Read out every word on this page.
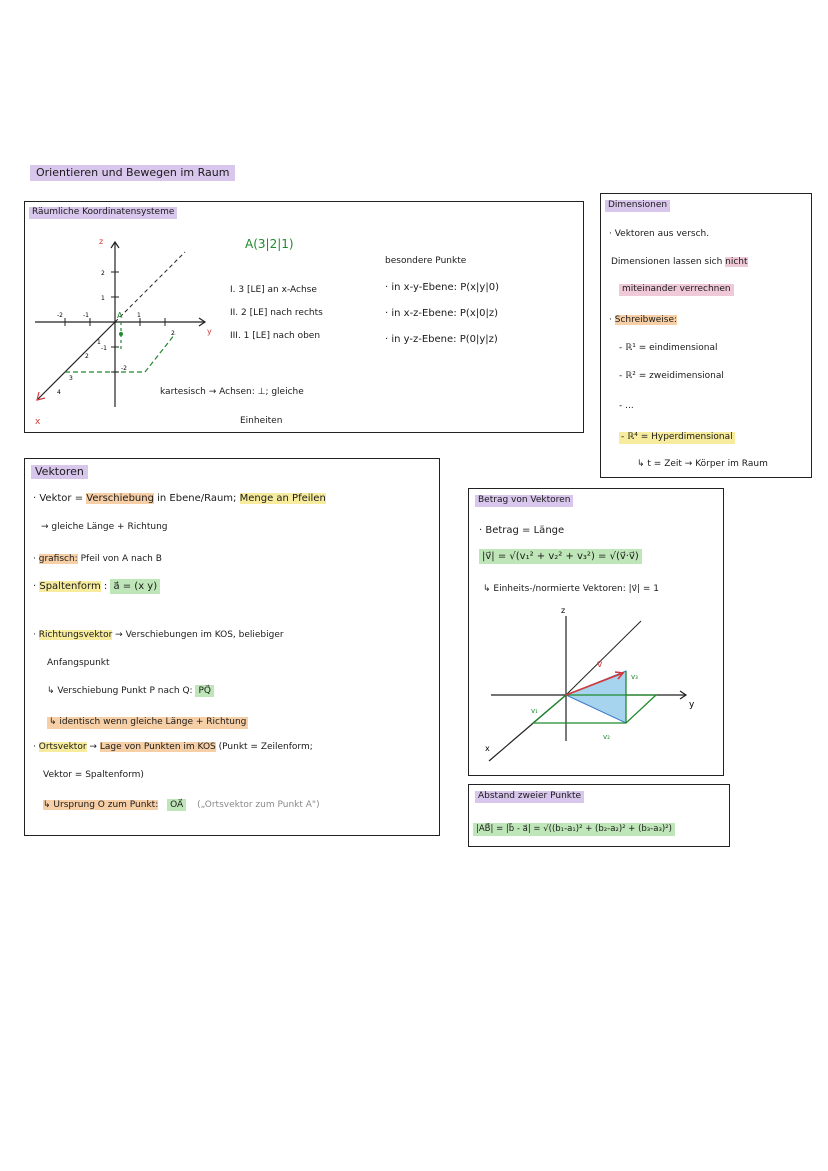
Orientieren und Bewegen im Raum
Räumliche Koordinatensysteme
z
y
x
A
2
1
-2	-1	1
2
1
2
3
4
-1
-2
A(3|2|1)
I. 3 [LE] an x-Achse
II. 2 [LE] nach rechts
III. 1 [LE] nach oben
kartesisch → Achsen: ⊥; gleiche
Einheiten
besondere Punkte
· in x-y-Ebene: P(x|y|0)
· in x-z-Ebene: P(x|0|z)
· in y-z-Ebene: P(0|y|z)
Dimensionen
· Vektoren aus versch.
Dimensionen lassen sich nicht
miteinander verrechnen
· Schreibweise:
- ℝ¹ = eindimensional
- ℝ² = zweidimensional
- ...
- ℝ⁴ = Hyperdimensional
↳ t = Zeit → Körper im Raum
Vektoren
· Vektor = Verschiebung in Ebene/Raum; Menge an Pfeilen
→ gleiche Länge + Richtung
· grafisch: Pfeil von A nach B
· Spaltenform : a⃗ = (x y)
· Richtungsvektor → Verschiebungen im KOS, beliebiger
Anfangspunkt
↳ Verschiebung Punkt P nach Q: PQ⃗
↳ identisch wenn gleiche Länge + Richtung
· Ortsvektor → Lage von Punkten im KOS (Punkt = Zeilenform;
Vektor = Spaltenform)
↳ Ursprung O zum Punkt: OA⃗ („Ortsvektor zum Punkt A")
Betrag von Vektoren
· Betrag = Länge
|v⃗| = √(v₁² + v₂² + v₃²) = √(v⃗·v⃗)
↳ Einheits-/normierte Vektoren: |v⃗| = 1
z
y
x
v⃗
v₁
v₂
v₃
Abstand zweier Punkte
|AB⃗| = |b⃗ - a⃗| = √((b₁-a₁)² + (b₂-a₂)² + (b₃-a₃)²)
